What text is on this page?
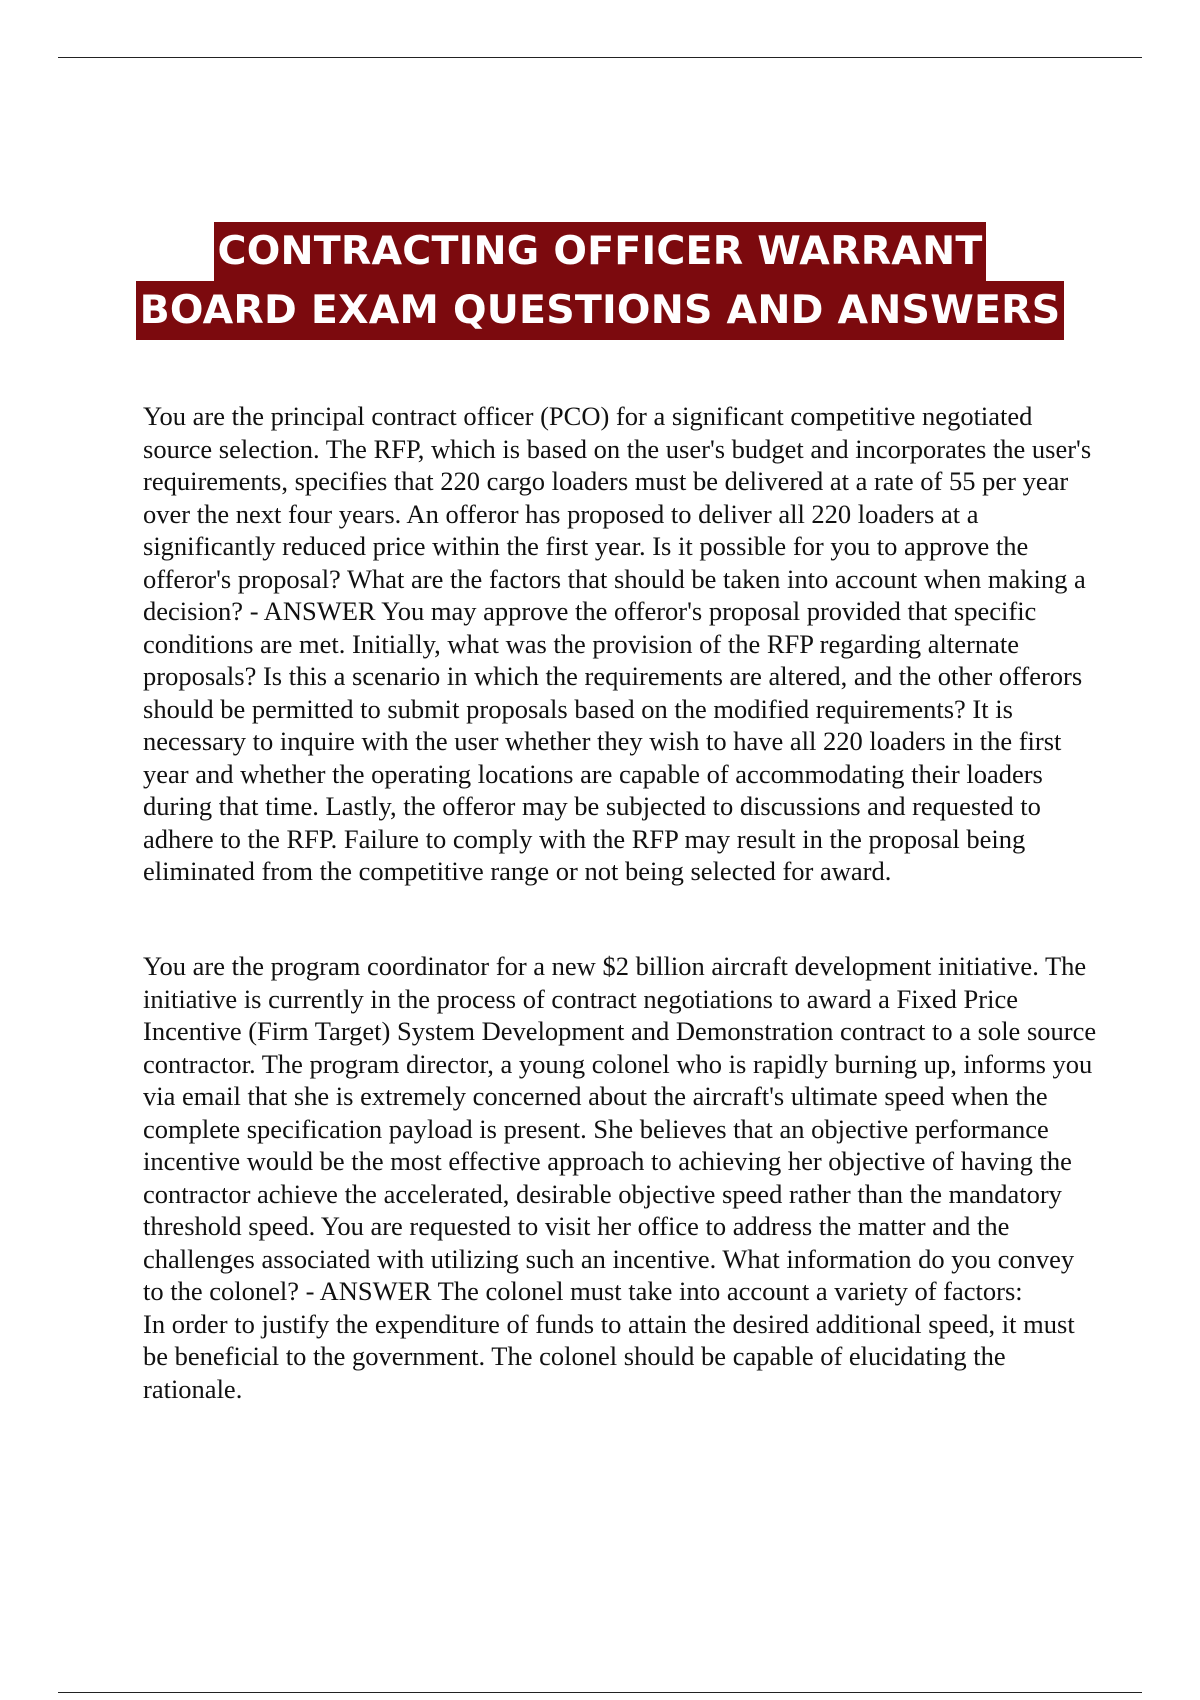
CONTRACTING OFFICER WARRANT
BOARD EXAM QUESTIONS AND ANSWERS

You are the principal contract officer (PCO) for a significant competitive negotiated source selection. The RFP, which is based on the user's budget and incorporates the user's requirements, specifies that 220 cargo loaders must be delivered at a rate of 55 per year over the next four years. An offeror has proposed to deliver all 220 loaders at a significantly reduced price within the first year. Is it possible for you to approve the offeror's proposal? What are the factors that should be taken into account when making a decision? - ANSWER You may approve the offeror's proposal provided that specific conditions are met. Initially, what was the provision of the RFP regarding alternate proposals? Is this a scenario in which the requirements are altered, and the other offerors should be permitted to submit proposals based on the modified requirements? It is necessary to inquire with the user whether they wish to have all 220 loaders in the first year and whether the operating locations are capable of accommodating their loaders during that time. Lastly, the offeror may be subjected to discussions and requested to adhere to the RFP. Failure to comply with the RFP may result in the proposal being eliminated from the competitive range or not being selected for award.

You are the program coordinator for a new $2 billion aircraft development initiative. The initiative is currently in the process of contract negotiations to award a Fixed Price Incentive (Firm Target) System Development and Demonstration contract to a sole source contractor. The program director, a young colonel who is rapidly burning up, informs you via email that she is extremely concerned about the aircraft's ultimate speed when the complete specification payload is present. She believes that an objective performance incentive would be the most effective approach to achieving her objective of having the contractor achieve the accelerated, desirable objective speed rather than the mandatory threshold speed. You are requested to visit her office to address the matter and the challenges associated with utilizing such an incentive. What information do you convey to the colonel? - ANSWER The colonel must take into account a variety of factors:
In order to justify the expenditure of funds to attain the desired additional speed, it must be beneficial to the government. The colonel should be capable of elucidating the rationale.
